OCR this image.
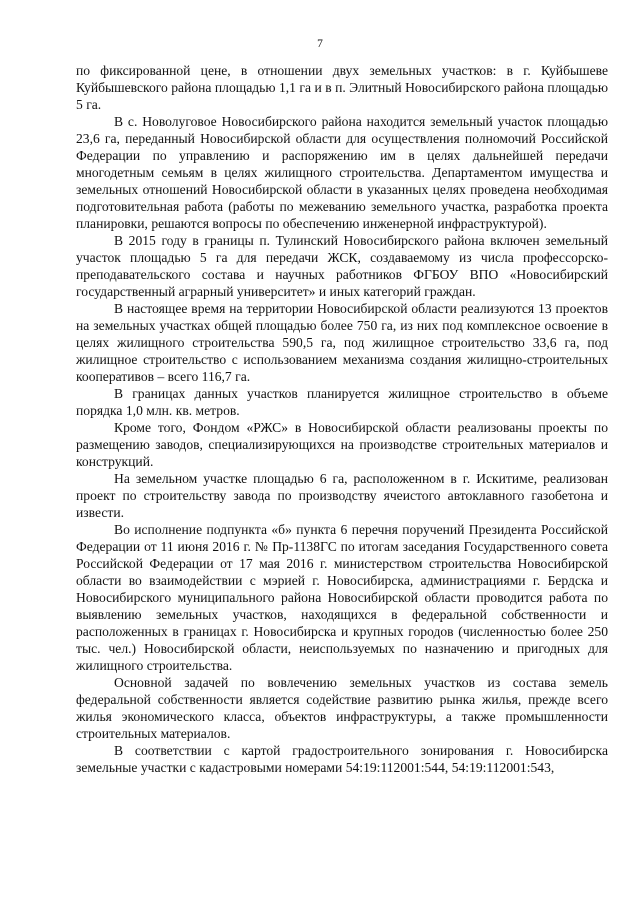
7

по фиксированной цене, в отношении двух земельных участков: в г. Куйбышеве Куйбышевского района площадью 1,1 га и в п. Элитный Новосибирского района площадью 5 га.

В с. Новолуговое Новосибирского района находится земельный участок площадью 23,6 га, переданный Новосибирской области для осуществления полномочий Российской Федерации по управлению и распоряжению им в целях дальнейшей передачи многодетным семьям в целях жилищного строительства. Департаментом имущества и земельных отношений Новосибирской области в указанных целях проведена необходимая подготовительная работа (работы по межеванию земельного участка, разработка проекта планировки, решаются вопросы по обеспечению инженерной инфраструктурой).

В 2015 году в границы п. Тулинский Новосибирского района включен земельный участок площадью 5 га для передачи ЖСК, создаваемому из числа профессорско-преподавательского состава и научных работников ФГБОУ ВПО «Новосибирский государственный аграрный университет» и иных категорий граждан.

В настоящее время на территории Новосибирской области реализуются 13 проектов на земельных участках общей площадью более 750 га, из них под комплексное освоение в целях жилищного строительства 590,5 га, под жилищное строительство 33,6 га, под жилищное строительство с использованием механизма создания жилищно-строительных кооперативов – всего 116,7 га.

В границах данных участков планируется жилищное строительство в объеме порядка 1,0 млн. кв. метров.

Кроме того, Фондом «РЖС» в Новосибирской области реализованы проекты по размещению заводов, специализирующихся на производстве строительных материалов и конструкций.

На земельном участке площадью 6 га, расположенном в г. Искитиме, реализован проект по строительству завода по производству ячеистого автоклавного газобетона и извести.

Во исполнение подпункта «б» пункта 6 перечня поручений Президента Российской Федерации от 11 июня 2016 г. № Пр-1138ГС по итогам заседания Государственного совета Российской Федерации от 17 мая 2016 г. министерством строительства Новосибирской области во взаимодействии с мэрией г. Новосибирска, администрациями г. Бердска и Новосибирского муниципального района Новосибирской области проводится работа по выявлению земельных участков, находящихся в федеральной собственности и расположенных в границах г. Новосибирска и крупных городов (численностью более 250 тыс. чел.) Новосибирской области, неиспользуемых по назначению и пригодных для жилищного строительства.

Основной задачей по вовлечению земельных участков из состава земель федеральной собственности является содействие развитию рынка жилья, прежде всего жилья экономического класса, объектов инфраструктуры, а также промышленности строительных материалов.

В соответствии с картой градостроительного зонирования г. Новосибирска земельные участки с кадастровыми номерами 54:19:112001:544, 54:19:112001:543,
